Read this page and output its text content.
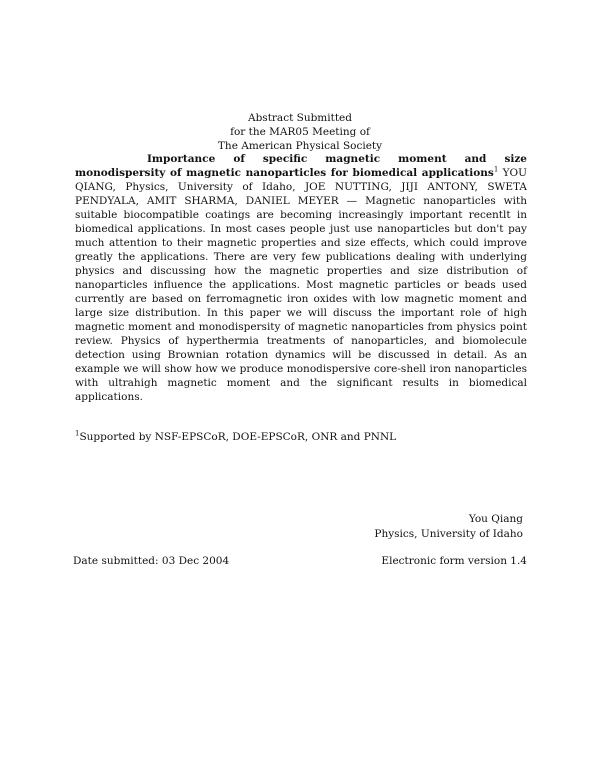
Abstract Submitted
for the MAR05 Meeting of
The American Physical Society
Importance of specific magnetic moment and size monodispersity of magnetic nanoparticles for biomedical applications$^1$ YOU QIANG, Physics, University of Idaho, JOE NUTTING, JIJI ANTONY, SWETA PENDYALA, AMIT SHARMA, DANIEL MEYER — Magnetic nanoparticles with suitable biocompatible coatings are becoming increasingly important recentlt in biomedical applications. In most cases people just use nanoparticles but don't pay much attention to their magnetic properties and size effects, which could improve greatly the applications. There are very few publications dealing with underlying physics and discussing how the magnetic properties and size distribution of nanoparticles influence the applications. Most magnetic particles or beads used currently are based on ferromagnetic iron oxides with low magnetic moment and large size distribution. In this paper we will discuss the important role of high magnetic moment and monodispersity of magnetic nanoparticles from physics point review. Physics of hyperthermia treatments of nanoparticles, and biomolecule detection using Brownian rotation dynamics will be discussed in detail. As an example we will show how we produce monodispersive core-shell iron nanoparticles with ultrahigh magnetic moment and the significant results in biomedical applications.
$^1$Supported by NSF-EPSCoR, DOE-EPSCoR, ONR and PNNL
You Qiang
Physics, University of Idaho
Date submitted: 03 Dec 2004	Electronic form version 1.4
